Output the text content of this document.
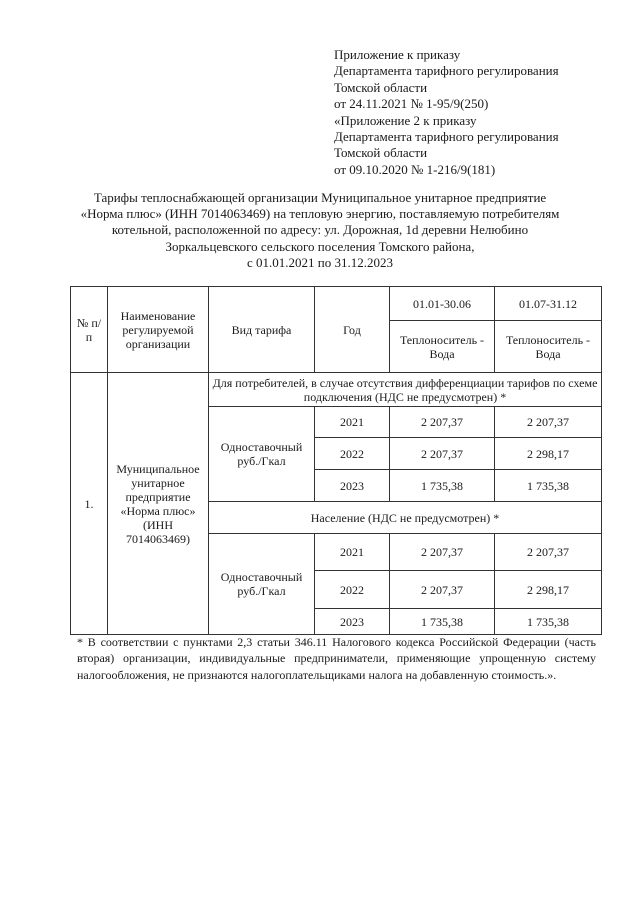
Приложение к приказу
Департамента тарифного регулирования
Томской области
от 24.11.2021 № 1-95/9(250)
«Приложение 2 к приказу
Департамента тарифного регулирования
Томской области
от 09.10.2020 № 1-216/9(181)
Тарифы теплоснабжающей организации Муниципальное унитарное предприятие
«Норма плюс» (ИНН 7014063469) на тепловую энергию, поставляемую потребителям
котельной, расположенной по адресу: ул. Дорожная, 1d деревни Нелюбино
Зоркальцевского сельского поселения Томского района,
с 01.01.2021 по 31.12.2023
№ п/п	Наименование регулируемой организации	Вид тарифа	Год	01.01-30.06	01.07-31.12
				Теплоноситель - Вода	Теплоноситель - Вода
1.	Муниципальное унитарное предприятие «Норма плюс» (ИНН 7014063469)	Для потребителей, в случае отсутствия дифференциации тарифов по схеме подключения (НДС не предусмотрен) *			
		Одноставочный руб./Гкал	2021	2 207,37	2 207,37
			2022	2 207,37	2 298,17
			2023	1 735,38	1 735,38
		Население (НДС не предусмотрен) *			
		Одноставочный руб./Гкал	2021	2 207,37	2 207,37
			2022	2 207,37	2 298,17
			2023	1 735,38	1 735,38
* В соответствии с пунктами 2,3 статьи 346.11 Налогового кодекса Российской Федерации (часть вторая) организации, индивидуальные предприниматели, применяющие упрощенную систему налогообложения, не признаются налогоплательщиками налога на добавленную стоимость.».
